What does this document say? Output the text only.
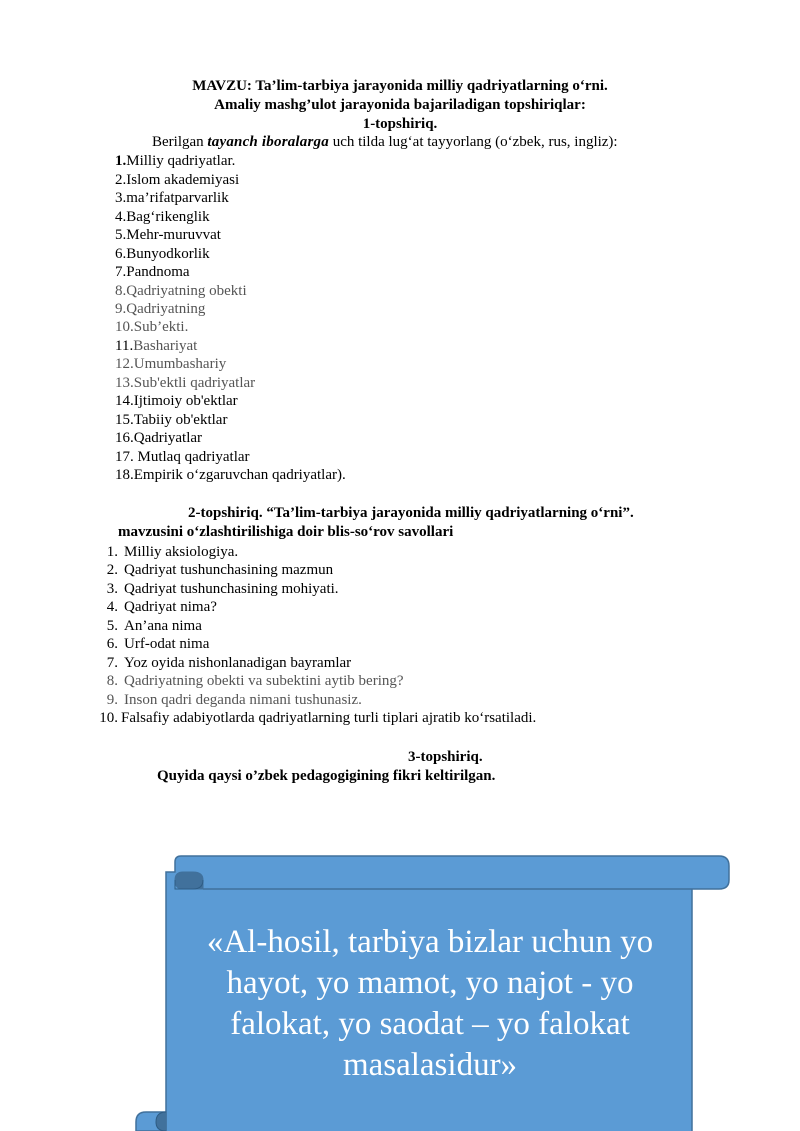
MAVZU: Ta’lim-tarbiya jarayonida milliy qadriyatlarning o‘rni.
Amaliy mashg’ulot jarayonida bajariladigan topshiriqlar:
1-topshiriq.
Berilgan tayanch iboralarga uch tilda lug‘at tayyorlang (o‘zbek, rus, ingliz):
1.Milliy qadriyatlar.
2.Islom akademiyasi
3.ma’rifatparvarlik
4.Bag‘rikenglik
5.Mehr-muruvvat
6.Bunyodkorlik
7.Pandnoma
8.Qadriyatning obekti
9.Qadriyatning
10.Sub’ekti.
11.Bashariyat
12.Umumbashariy
13.Sub'ektli qadriyatlar
14.Ijtimoiy ob'ektlar
15.Tabiiy ob'ektlar
16.Qadriyatlar
17. Mutlaq qadriyatlar
18.Empirik o‘zgaruvchan qadriyatlar).
2-topshiriq. “Ta’lim-tarbiya jarayonida milliy qadriyatlarning o‘rni”.
mavzusini o‘zlashtirilishiga doir blis-so‘rov savollari
1. Milliy aksiologiya.
2. Qadriyat tushunchasining mazmun
3. Qadriyat tushunchasining mohiyati.
4. Qadriyat nima?
5. An’ana nima
6. Urf-odat nima
7. Yoz oyida nishonlanadigan bayramlar
8. Qadriyatning obekti va subektini aytib bering?
9. Inson qadri deganda nimani tushunasiz.
10. Falsafiy adabiyotlarda qadriyatlarning turli tiplari ajratib ko‘rsatiladi.
3-topshiriq.
Quyida qaysi o’zbek pedagogigining fikri keltirilgan.
«Al-hosil, tarbiya bizlar uchun yo hayot, yo mamot, yo najot - yo falokat, yo saodat – yo falokat masalasidur»
